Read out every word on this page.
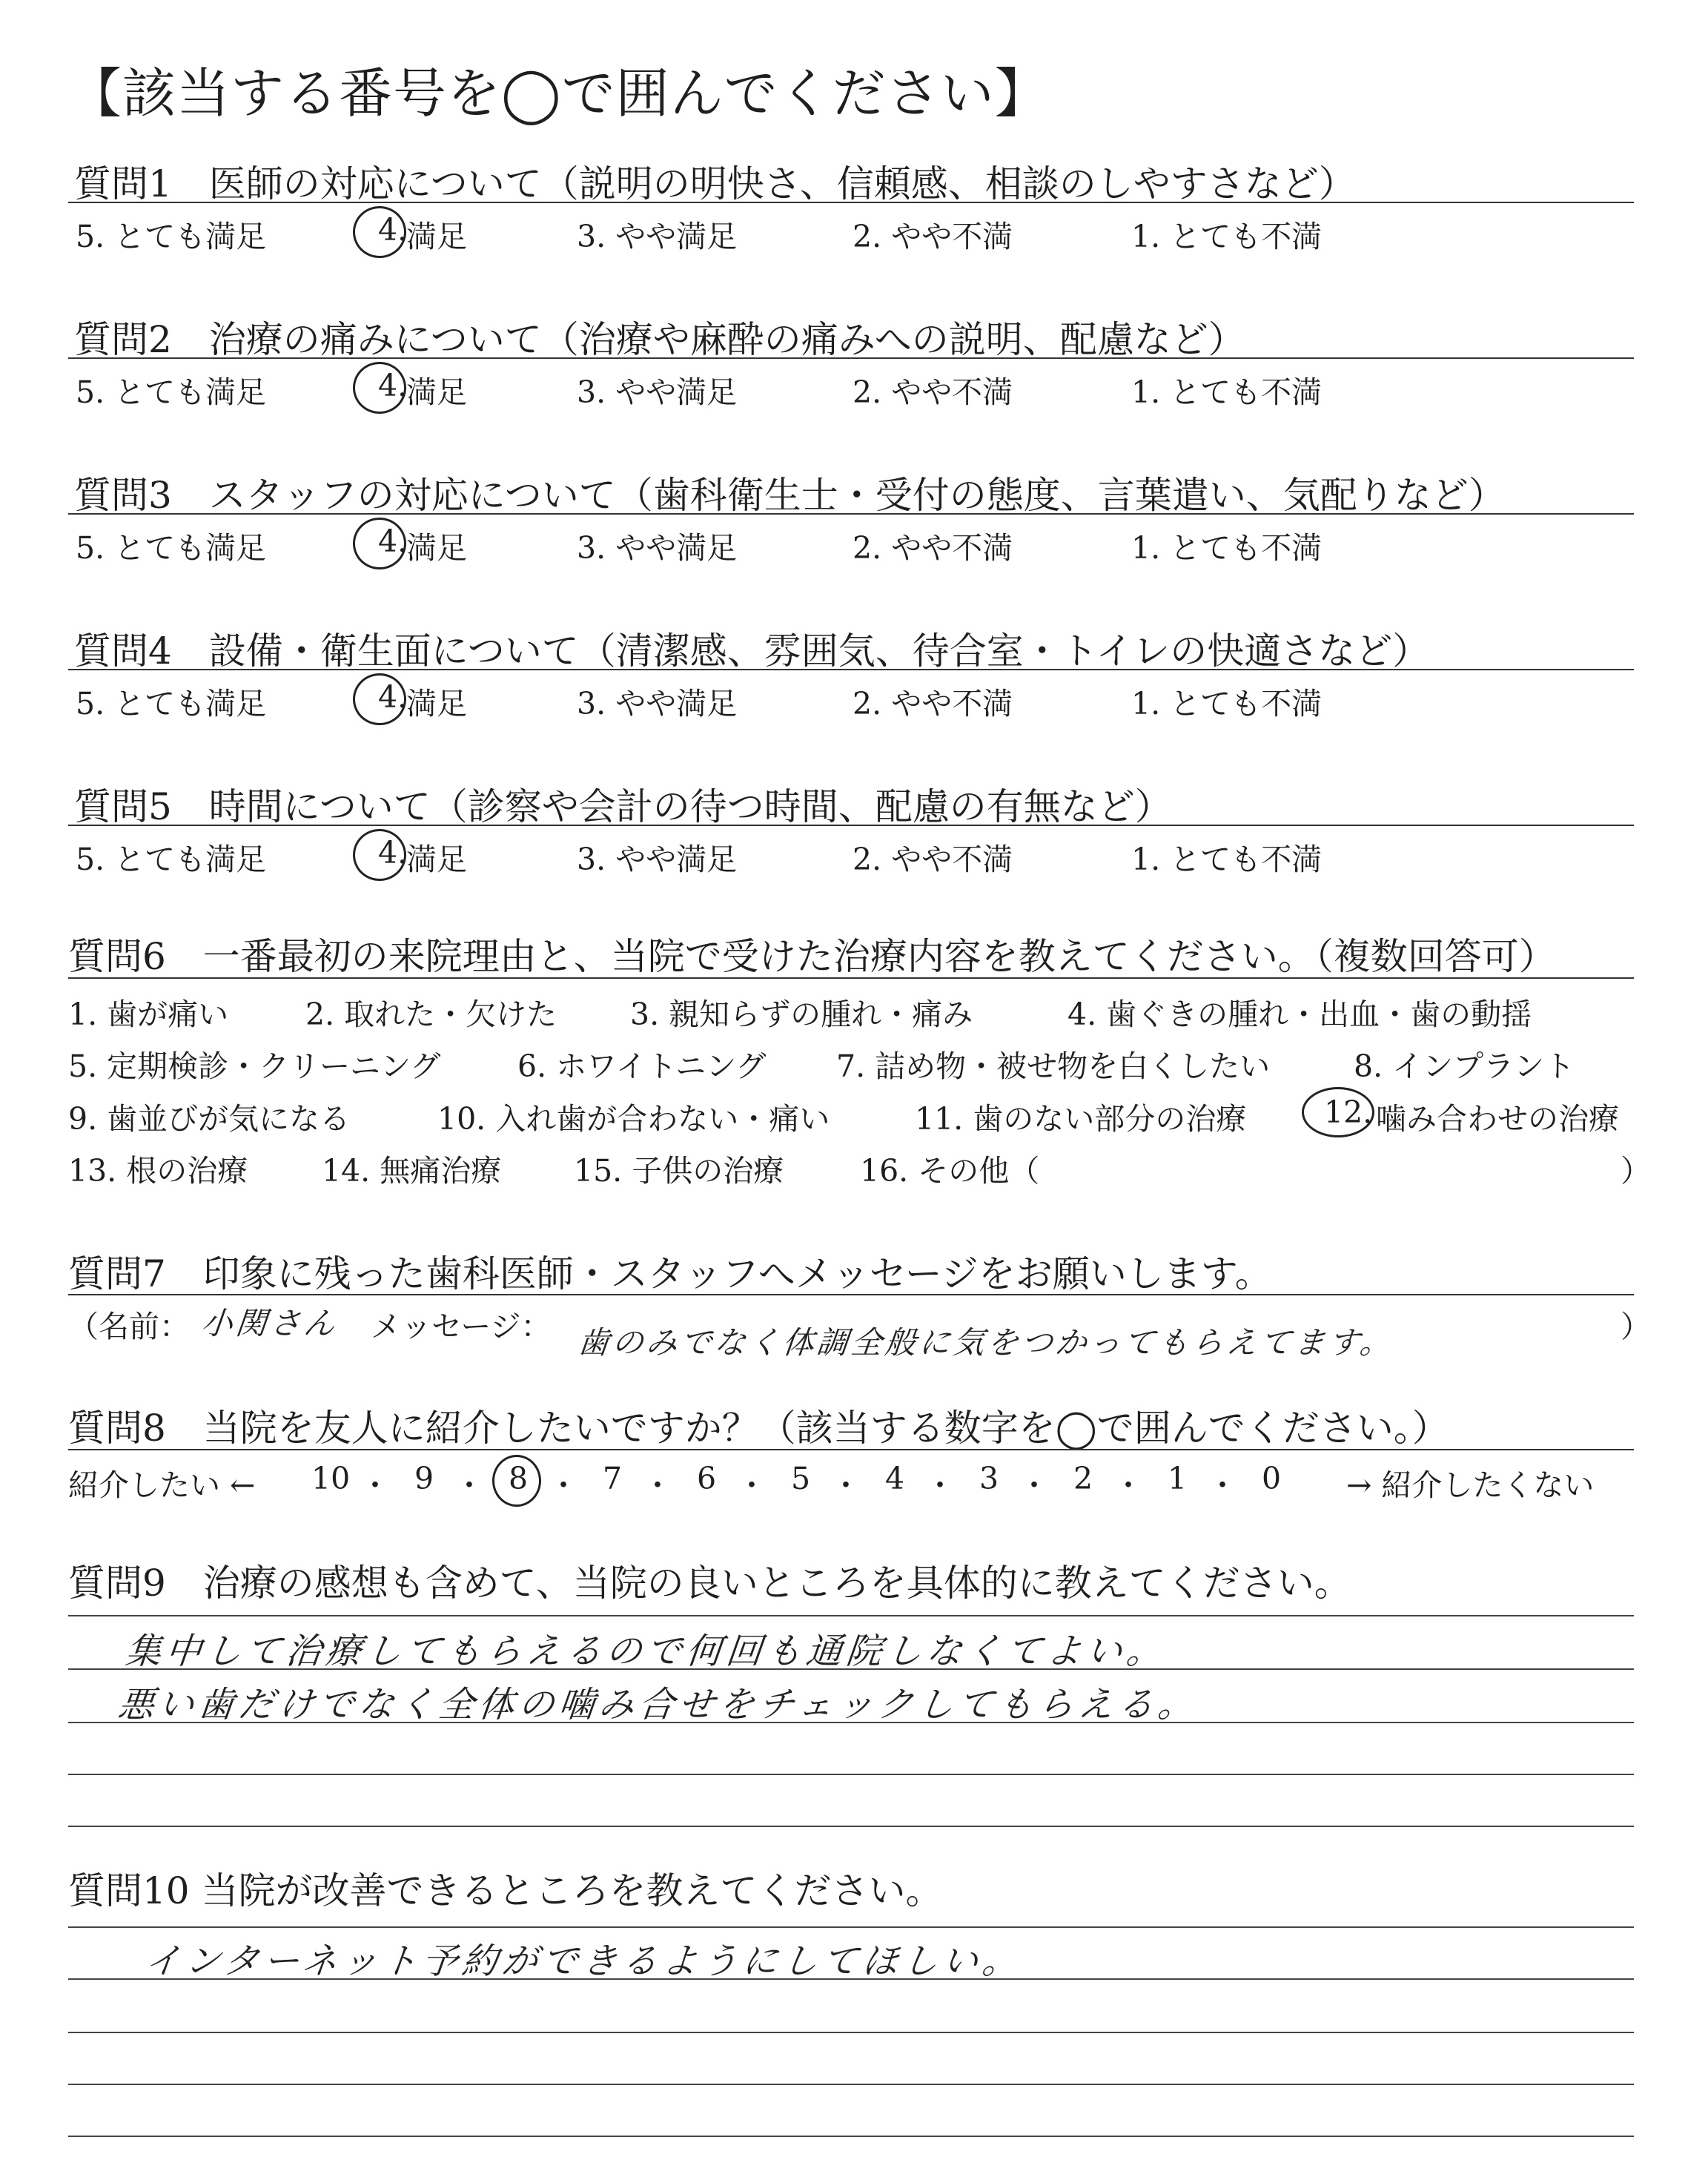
【該当する番号を◯で囲んでください】
質問1　医師の対応について（説明の明快さ、信頼感、相談のしやすさなど）
5. とても満足	4.
満足	3. やや満足	2. やや不満	1. とても不満
質問2　治療の痛みについて（治療や麻酔の痛みへの説明、配慮など）
5. とても満足	4.
満足	3. やや満足	2. やや不満	1. とても不満
質問3　スタッフの対応について（歯科衛生士・受付の態度、言葉遣い、気配りなど）
5. とても満足	4.
満足	3. やや満足	2. やや不満	1. とても不満
質問4　設備・衛生面について（清潔感、雰囲気、待合室・トイレの快適さなど）
5. とても満足	4.
満足	3. やや満足	2. やや不満	1. とても不満
質問5　時間について（診察や会計の待つ時間、配慮の有無など）
5. とても満足	4.
満足	3. やや満足	2. やや不満	1. とても不満
質問6　一番最初の来院理由と、当院で受けた治療内容を教えてください。（複数回答可）
1. 歯が痛い	2. 取れた・欠けた 3. 親知らずの腫れ・痛み	4. 歯ぐきの腫れ・出血・歯の動揺
5. 定期検診・クリーニング	6. ホワイトニング 7. 詰め物・被せ物を白くしたい	8. インプラント
9. 歯並びが気になる	10. 入れ歯が合わない・痛い	11. 歯のない部分の治療	12. 噛み合わせの治療
13. 根の治療 14. 無痛治療 15. 子供の治療	16. その他（	）
質問7　印象に残った歯科医師・スタッフへメッセージをお願いします。
（名前： 小関さん メッセージ： 歯のみでなく体調全般に気をつかってもらえてます。	）
質問8　当院を友人に紹介したいですか？（該当する数字を◯で囲んでください。）
紹介したい ← 10 ・ 9 ・ 8 ・ 7 ・ 6 ・ 5 ・ 4 ・ 3 ・ 2 ・ 1 ・ 0 → 紹介したくない
質問9　治療の感想も含めて、当院の良いところを具体的に教えてください。
集中して治療してもらえるので何回も通院しなくてよい。
悪い歯だけでなく全体の噛み合せをチェックしてもらえる。
質問10 当院が改善できるところを教えてください。
インターネット予約ができるようにしてほしい。
